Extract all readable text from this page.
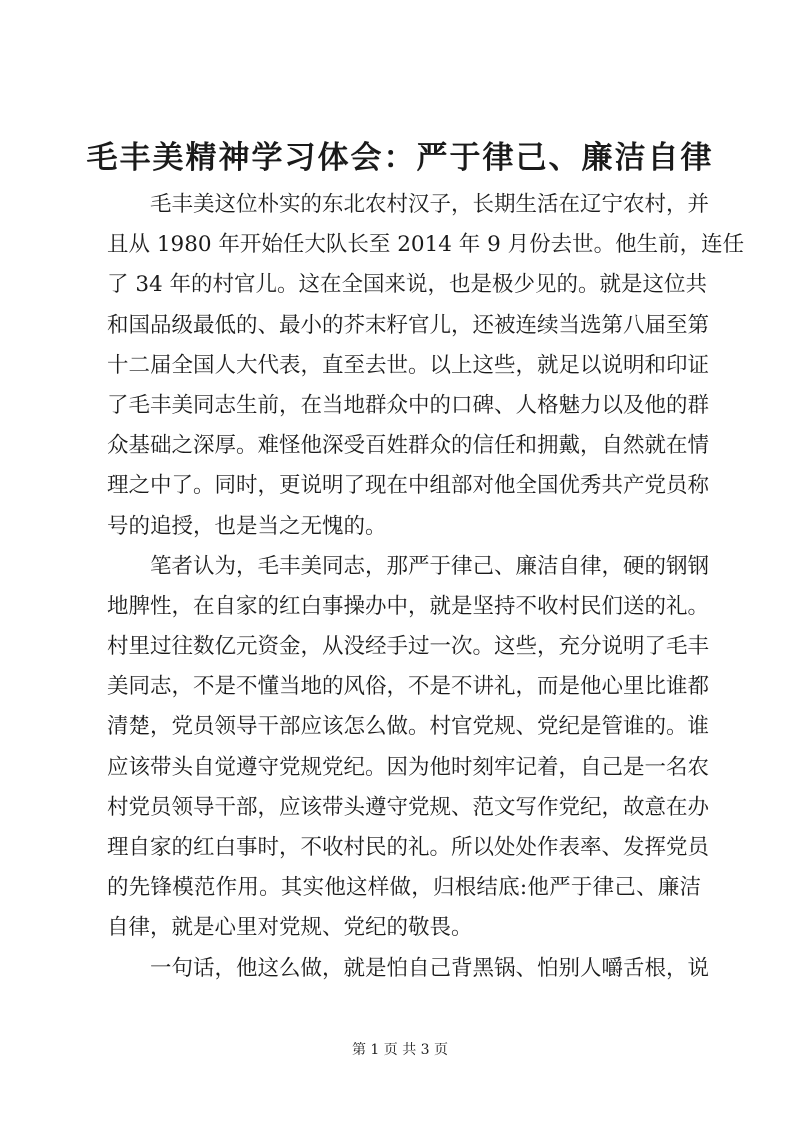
毛丰美精神学习体会：严于律己、廉洁自律
毛丰美这位朴实的东北农村汉子，长期生活在辽宁农村，并
且从 1980 年开始任大队长至 2014 年 9 月份去世。他生前，连任
了 34 年的村官儿。这在全国来说，也是极少见的。就是这位共
和国品级最低的、最小的芥末籽官儿，还被连续当选第八届至第
十二届全国人大代表，直至去世。以上这些，就足以说明和印证
了毛丰美同志生前，在当地群众中的口碑、人格魅力以及他的群
众基础之深厚。难怪他深受百姓群众的信任和拥戴，自然就在情
理之中了。同时，更说明了现在中组部对他全国优秀共产党员称
号的追授，也是当之无愧的。
笔者认为，毛丰美同志，那严于律己、廉洁自律，硬的钢钢
地脾性，在自家的红白事操办中，就是坚持不收村民们送的礼。
村里过往数亿元资金，从没经手过一次。这些，充分说明了毛丰
美同志，不是不懂当地的风俗，不是不讲礼，而是他心里比谁都
清楚，党员领导干部应该怎么做。村官党规、党纪是管谁的。谁
应该带头自觉遵守党规党纪。因为他时刻牢记着，自己是一名农
村党员领导干部，应该带头遵守党规、范文写作党纪，故意在办
理自家的红白事时，不收村民的礼。所以处处作表率、发挥党员
的先锋模范作用。其实他这样做，归根结底:他严于律己、廉洁
自律，就是心里对党规、党纪的敬畏。
一句话，他这么做，就是怕自己背黑锅、怕别人嚼舌根，说
第 1 页 共 3 页
